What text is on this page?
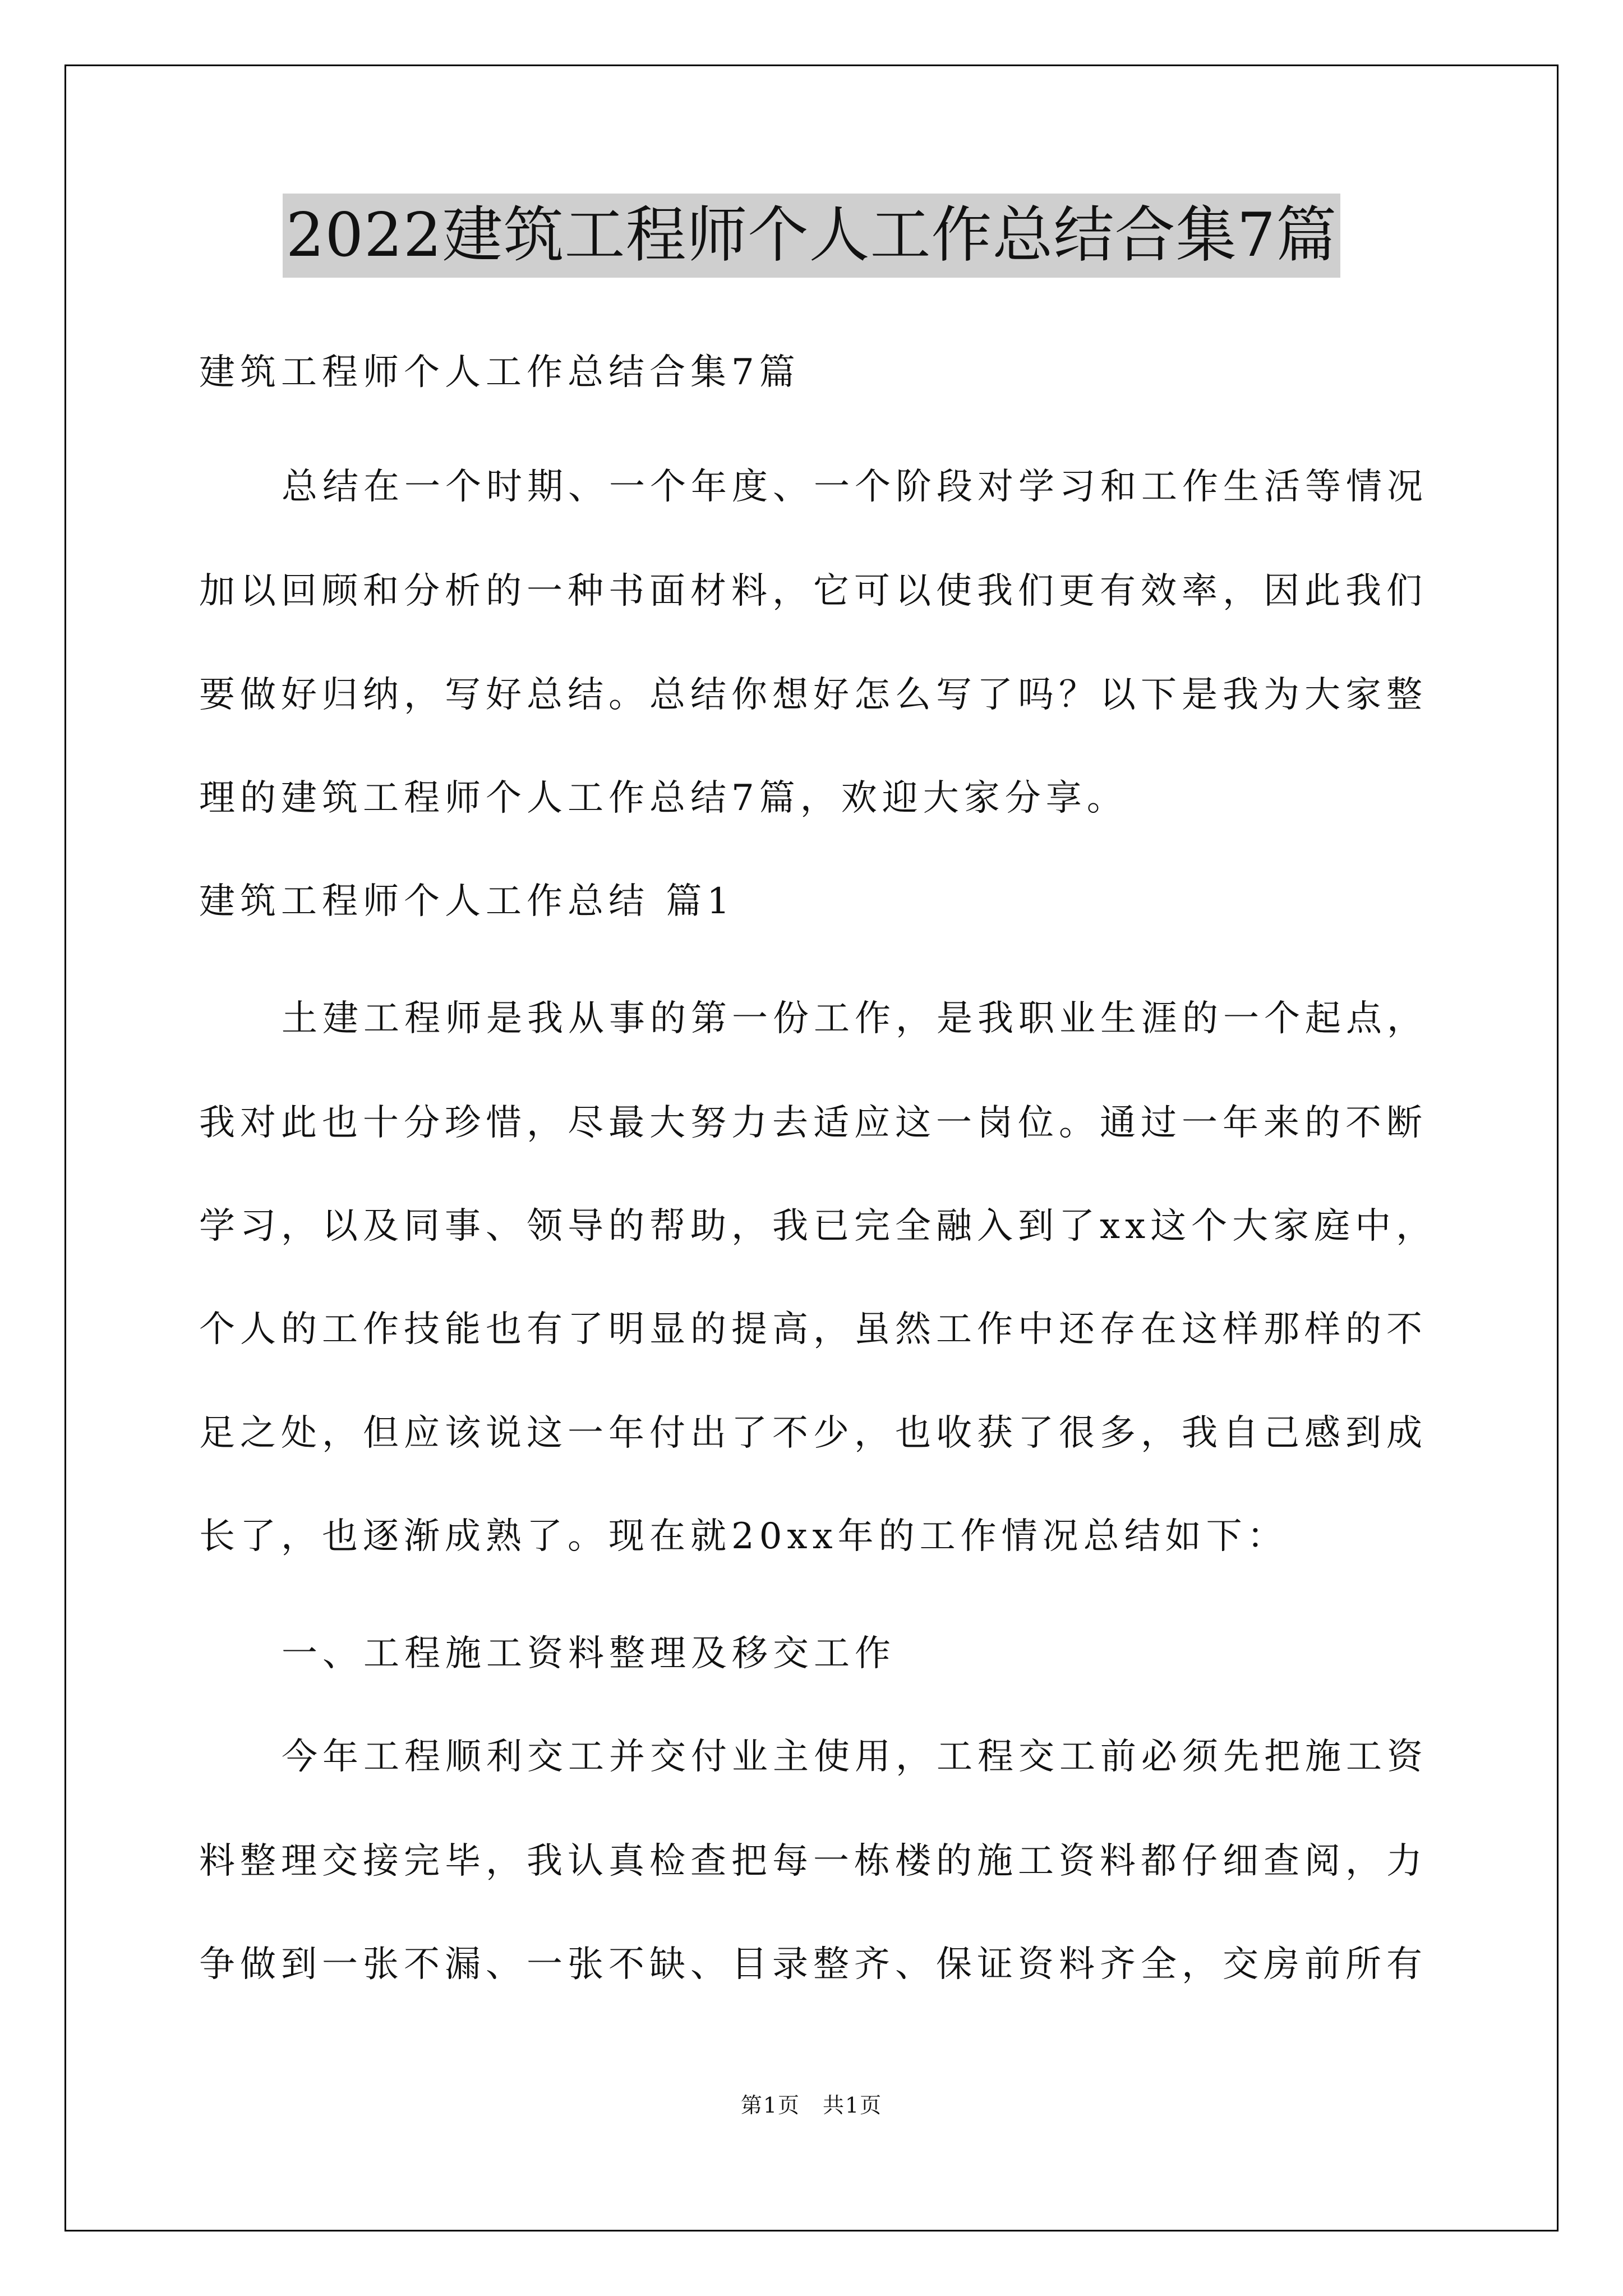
2022建筑工程师个人工作总结合集7篇
建筑工程师个人工作总结合集7篇
总结在一个时期、一个年度、一个阶段对学习和工作生活等情况
加以回顾和分析的一种书面材料，它可以使我们更有效率，因此我们
要做好归纳，写好总结。总结你想好怎么写了吗？以下是我为大家整
理的建筑工程师个人工作总结7篇，欢迎大家分享。
建筑工程师个人工作总结 篇1
土建工程师是我从事的第一份工作，是我职业生涯的一个起点，
我对此也十分珍惜，尽最大努力去适应这一岗位。通过一年来的不断
学习，以及同事、领导的帮助，我已完全融入到了xx这个大家庭中，
个人的工作技能也有了明显的提高，虽然工作中还存在这样那样的不
足之处，但应该说这一年付出了不少，也收获了很多，我自己感到成
长了，也逐渐成熟了。现在就20xx年的工作情况总结如下：
一、工程施工资料整理及移交工作
今年工程顺利交工并交付业主使用，工程交工前必须先把施工资
料整理交接完毕，我认真检查把每一栋楼的施工资料都仔细查阅，力
争做到一张不漏、一张不缺、目录整齐、保证资料齐全，交房前所有
第1页　共1页
